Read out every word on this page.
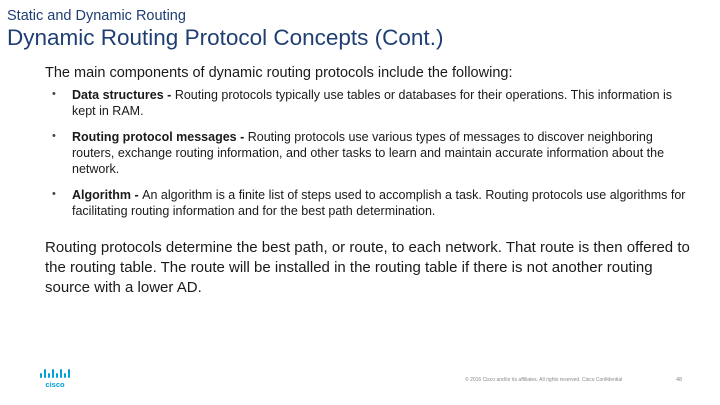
Static and Dynamic Routing
Dynamic Routing Protocol Concepts (Cont.)
The main components of dynamic routing protocols include the following:
• Data structures - Routing protocols typically use tables or databases for their operations. This information is kept in RAM.
• Routing protocol messages - Routing protocols use various types of messages to discover neighboring routers, exchange routing information, and other tasks to learn and maintain accurate information about the network.
• Algorithm - An algorithm is a finite list of steps used to accomplish a task. Routing protocols use algorithms for facilitating routing information and for the best path determination.
Routing protocols determine the best path, or route, to each network. That route is then offered to the routing table. The route will be installed in the routing table if there is not another routing source with a lower AD.
cisco	© 2016 Cisco and/or its affiliates. All rights reserved. Cisco Confidential	48
